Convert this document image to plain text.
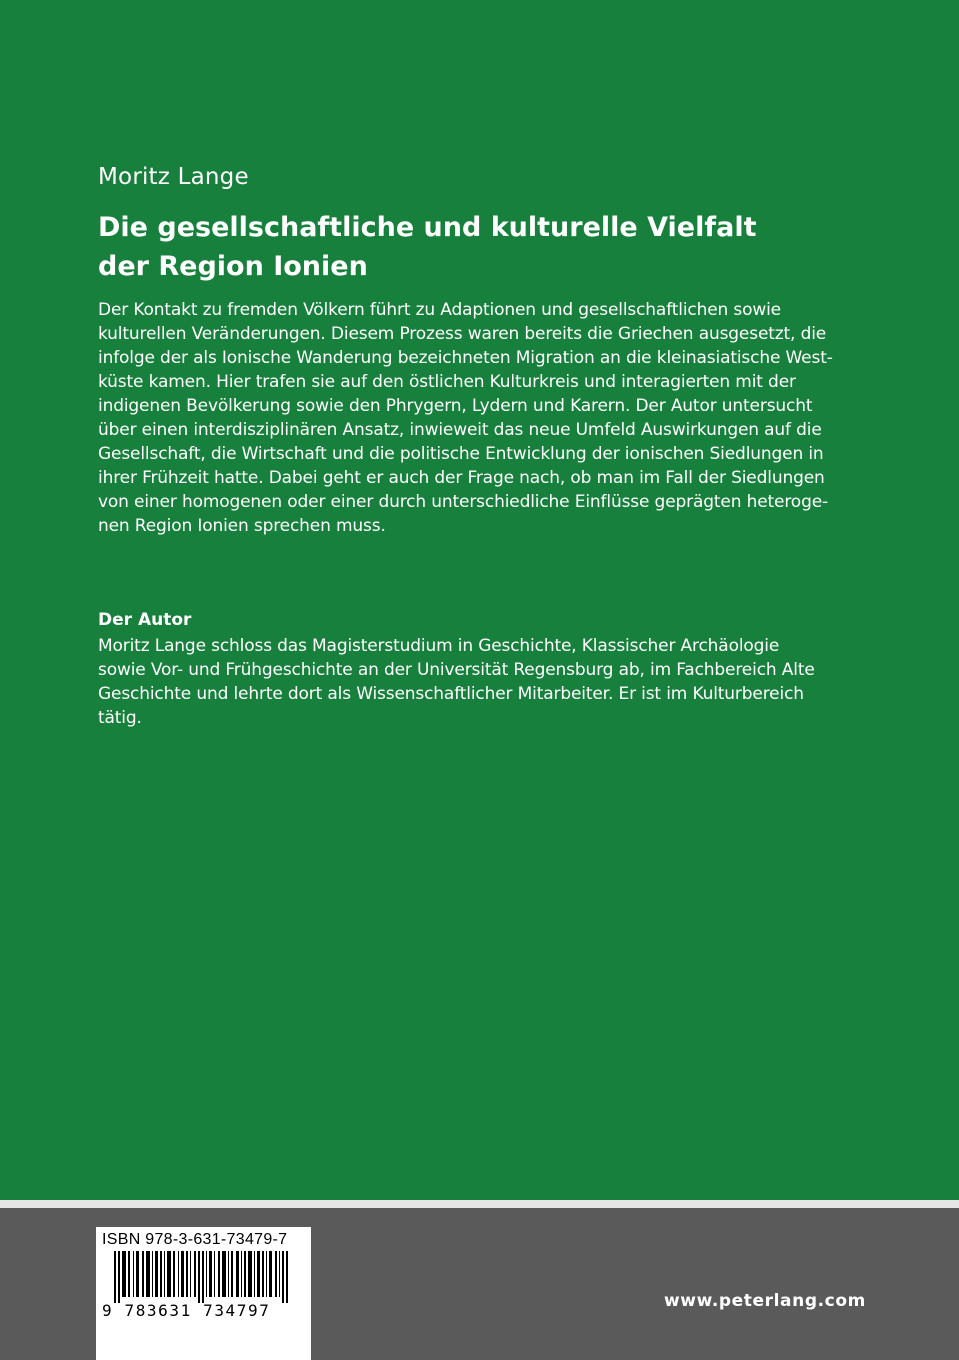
Moritz Lange
Die gesellschaftliche und kulturelle Vielfalt
der Region Ionien
Der Kontakt zu fremden Völkern führt zu Adaptionen und gesellschaftlichen sowie
kulturellen Veränderungen. Diesem Prozess waren bereits die Griechen ausgesetzt, die
infolge der als Ionische Wanderung bezeichneten Migration an die kleinasiatische West-
küste kamen. Hier trafen sie auf den östlichen Kulturkreis und interagierten mit der
indigenen Bevölkerung sowie den Phrygern, Lydern und Karern. Der Autor untersucht
über einen interdisziplinären Ansatz, inwieweit das neue Umfeld Auswirkungen auf die
Gesellschaft, die Wirtschaft und die politische Entwicklung der ionischen Siedlungen in
ihrer Frühzeit hatte. Dabei geht er auch der Frage nach, ob man im Fall der Siedlungen
von einer homogenen oder einer durch unterschiedliche Einflüsse geprägten heteroge-
nen Region Ionien sprechen muss.
Der Autor
Moritz Lange schloss das Magisterstudium in Geschichte, Klassischer Archäologie
sowie Vor- und Frühgeschichte an der Universität Regensburg ab, im Fachbereich Alte
Geschichte und lehrte dort als Wissenschaftlicher Mitarbeiter. Er ist im Kulturbereich
tätig.
ISBN 978-3-631-73479-7
9 783631 734797	www.peterlang.com
